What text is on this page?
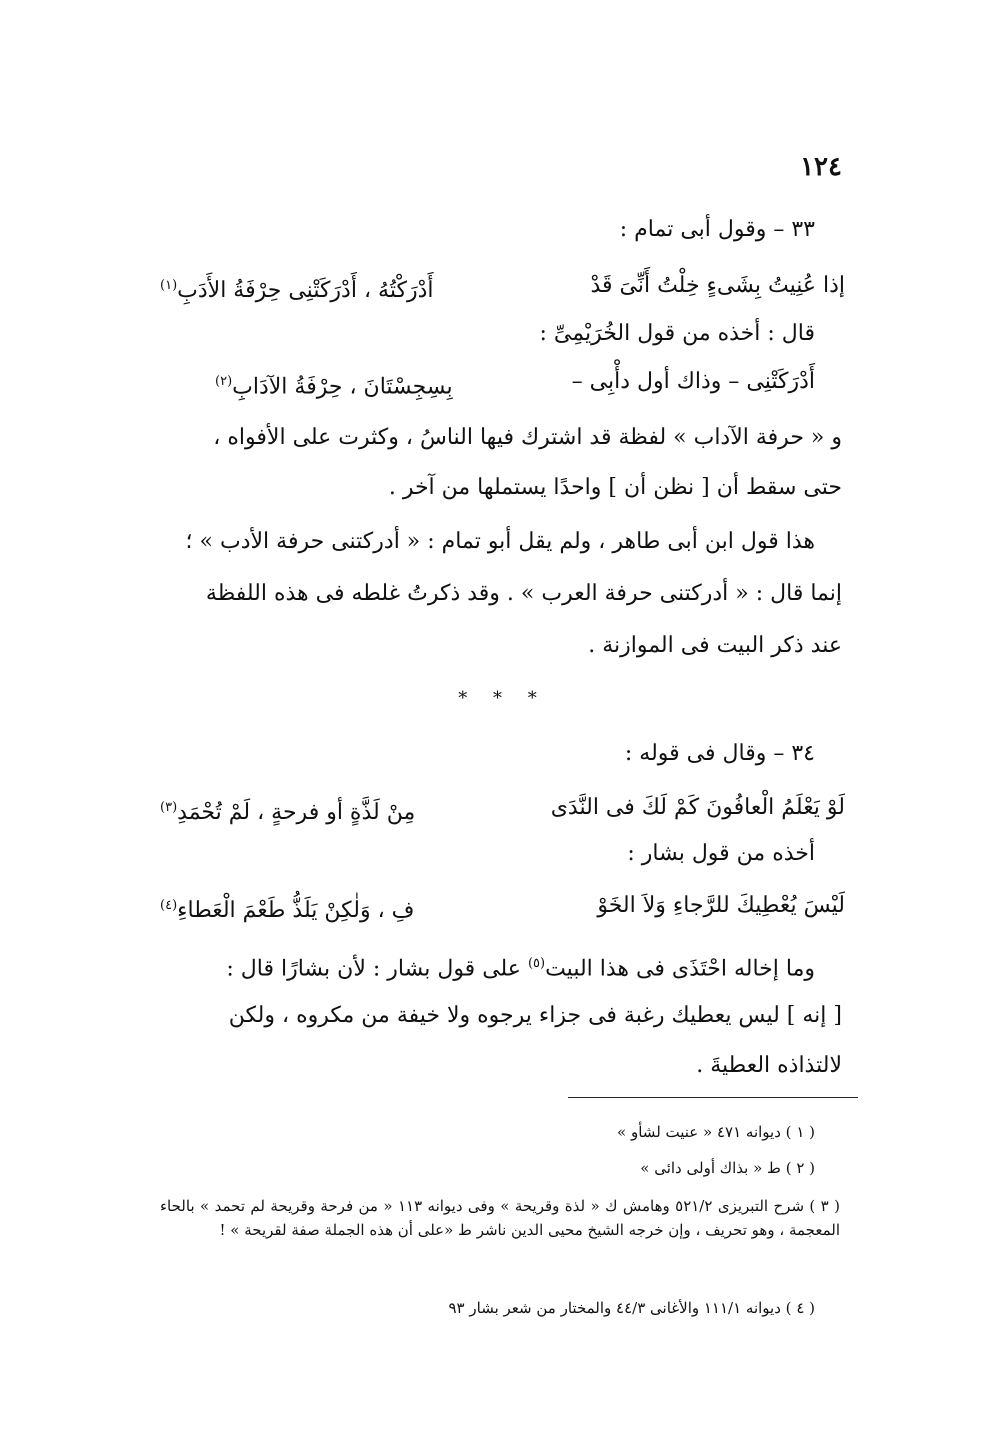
١٢٤
٣٣ – وقول أبى تمام :
إذا عُنِيتُ بِشَىءٍ خِلْتُ أَنِّىَ قَدْ
أَدْرَكْتُهُ ، أَدْرَكَتْنِى حِرْفَةُ الأَدَبِ$^{(١)}$
قال : أخذه من قول الخُرَيْمِىِّ :
أَدْرَكَتْنِى – وذاك أول دأْبِى –
بِسِجِسْتَانَ ، حِرْفَةُ الآدَابِ$^{(٢)}$
و « حرفة الآداب » لفظة قد اشترك فيها الناسُ ، وكثرت على الأفواه ،
حتى سقط أن [ نظن أن ] واحدًا يستملها من آخر .
هذا قول ابن أبى طاهر ، ولم يقل أبو تمام : « أدركتنى حرفة الأدب » ؛
إنما قال : « أدركتنى حرفة العرب » . وقد ذكرتُ غلطه فى هذه اللفظة
عند ذكر البيت فى الموازنة .
* * *
٣٤ – وقال فى قوله :
لَوْ يَعْلَمُ الْعافُونَ كَمْ لَكَ فى النَّدَى
مِنْ لَذَّةٍ أو فرحةٍ ، لَمْ تُحْمَدِ$^{(٣)}$
أخذه من قول بشار :
لَيْسَ يُعْطِيكَ للرَّجاءِ وَلاَ الخَوْ
فِ ، وَلٰكِنْ يَلَذُّ طَعْمَ الْعَطاءِ$^{(٤)}$
وما إخاله احْتَذَى فى هذا البيت$^{(٥)}$ على قول بشار : لأن بشارًا قال :
[ إنه ] ليس يعطيك رغبة فى جزاء يرجوه ولا خيفة من مكروه ، ولكن
لالتذاذه العطيةَ .
( ١ ) ديوانه ٤٧١ « عنيت لشأو »
( ٢ ) ط « بذاك أولى دائى »
( ٣ ) شرح التبريزى ٥٢١/٢ وهامش ك « لذة وقريحة » وفى ديوانه ١١٣ « من فرحة وقريحة لم تحمد » بالحاء المعجمة ، وهو تحريف ، وإن خرجه الشيخ محيى الدين ناشر ط «على أن هذه الجملة صفة لقريحة » !
( ٤ ) ديوانه ١١١/١ والأغانى ٤٤/٣ والمختار من شعر بشار ٩٣
